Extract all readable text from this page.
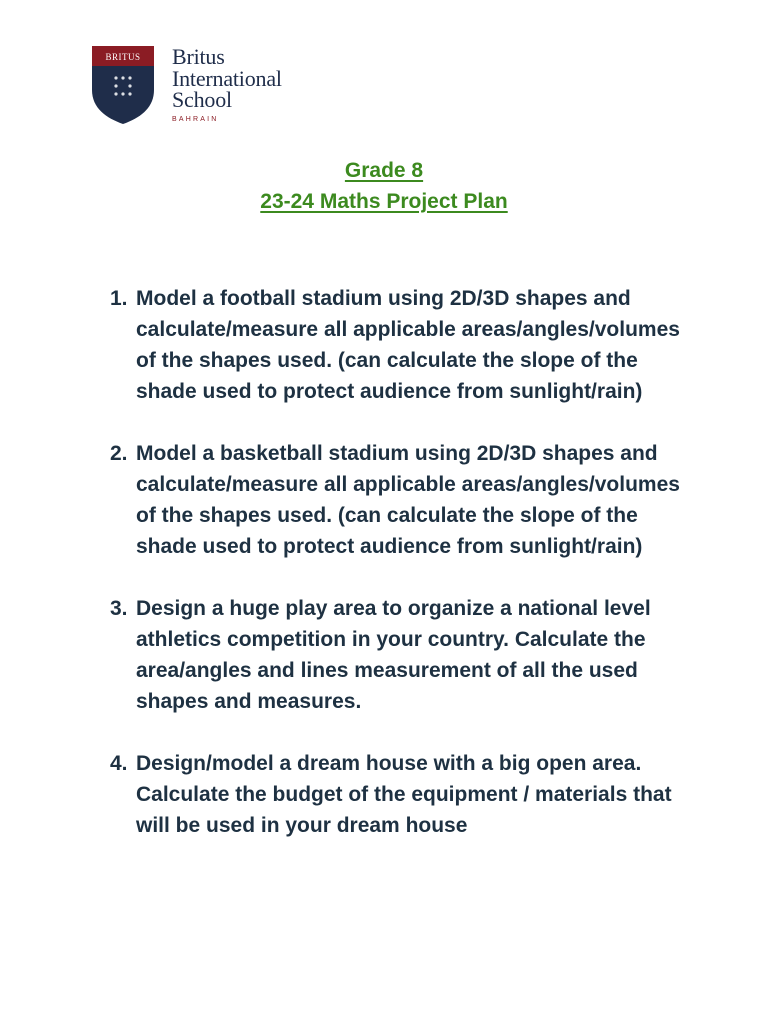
BRITUS Britus
International
School
BAHRAIN
Grade 8
23-24 Maths Project Plan
1. Model a football stadium using 2D/3D shapes and calculate/measure all applicable areas/angles/volumes of the shapes used. (can calculate the slope of the shade used to protect audience from sunlight/rain)
2. Model a basketball stadium using 2D/3D shapes and calculate/measure all applicable areas/angles/volumes of the shapes used. (can calculate the slope of the shade used to protect audience from sunlight/rain)
3. Design a huge play area to organize a national level athletics competition in your country. Calculate the area/angles and lines measurement of all the used shapes and measures.
4. Design/model a dream house with a big open area. Calculate the budget of the equipment / materials that will be used in your dream house
